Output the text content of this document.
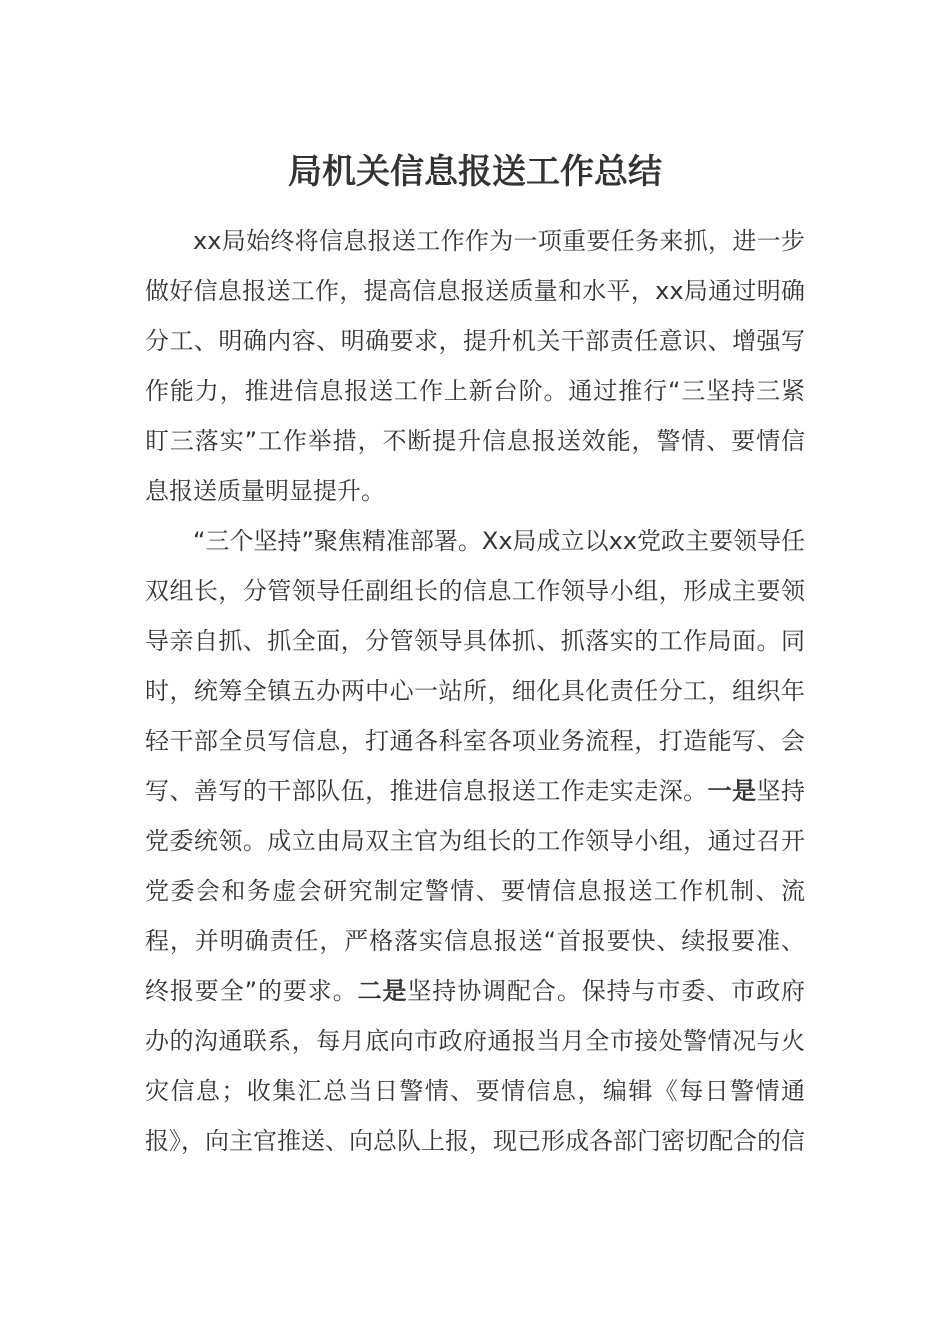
局机关信息报送工作总结

xx局始终将信息报送工作作为一项重要任务来抓，进一步做好信息报送工作，提高信息报送质量和水平，xx局通过明确分工、明确内容、明确要求，提升机关干部责任意识、增强写作能力，推进信息报送工作上新台阶。通过推行“三坚持三紧盯三落实”工作举措，不断提升信息报送效能，警情、要情信息报送质量明显提升。

“三个坚持”聚焦精准部署。Xx局成立以xx党政主要领导任双组长，分管领导任副组长的信息工作领导小组，形成主要领导亲自抓、抓全面，分管领导具体抓、抓落实的工作局面。同时，统筹全镇五办两中心一站所，细化具化责任分工，组织年轻干部全员写信息，打通各科室各项业务流程，打造能写、会写、善写的干部队伍，推进信息报送工作走实走深。一是坚持党委统领。成立由局双主官为组长的工作领导小组，通过召开党委会和务虚会研究制定警情、要情信息报送工作机制、流程，并明确责任，严格落实信息报送“首报要快、续报要准、终报要全”的要求。二是坚持协调配合。保持与市委、市政府办的沟通联系，每月底向市政府通报当月全市接处警情况与火灾信息；收集汇总当日警情、要情信息，编辑《每日警情通报》，向主官推送、向总队上报，现已形成各部门密切配合的信
